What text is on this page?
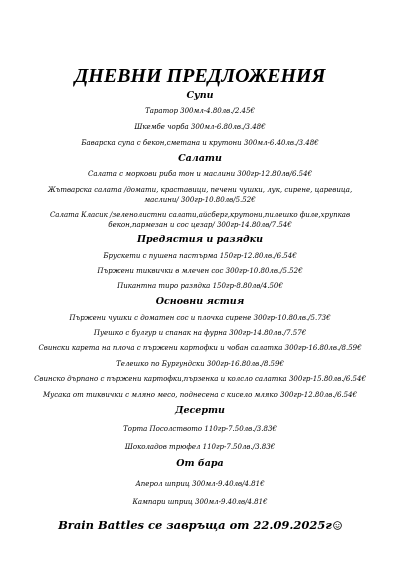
ДНЕВНИ ПРЕДЛОЖЕНИЯ
Супи
Таратор 300мл-4.80лв./2.45€
Шкембе чорба 300мл-6.80лв./3.48€
Баварска супа с бекон,сметана и крутони 300мл-6.40лв./3.48€
Салати
Салата с моркови риба тон и маслини 300гр-12.80лв/6.54€
Жътварска салата /домати, краставици, печени чушки, лук, сирене, царевица, маслини/ 300гр-10.80лв/5.52€
Салата Класик /зеленолистни салати,айсберг,крутони,пилешко филе,хрупкав бекон,пармезан и сос цезар/ 300гр-14.80лв/7.54€
Предястия и разядки
Брускети с пушена пастърма 150гр-12.80лв./6.54€
Пържени тиквички в млечен сос 300гр-10.80лв./5.52€
Пикантна тиро разядка 150гр-8.80лв/4.50€
Основни ястия
Пържени чушки с доматен сос и плочка сирене 300гр-10.80лв./5.73€
Пуешко с булгур и спанак на фурна 300гр-14.80лв./7.57€
Свински карета на плоча с пържени картофки и чобан салатка 300гр-16.80лв./8.59€
Телешко по Бургундски 300гр-16.80лв./8.59€
Свинско дърпано с пържени картофки,пързенка и колсло салатка 300гр-15.80лв./6.54€
Мусака от тиквички с мляно месо, поднесена с кисело мляко 300гр-12.80лв./6.54€
Десерти
Торта Посолството 110гр-7.50лв./3.83€
Шоколадов трюфел 110гр-7.50лв./3.83€
От бара
Аперол шприц 300мл-9.40лв/4.81€
Кампари шприц 300мл-9.40лв/4.81€
Brain Battles се завръща от 22.09.2025г
